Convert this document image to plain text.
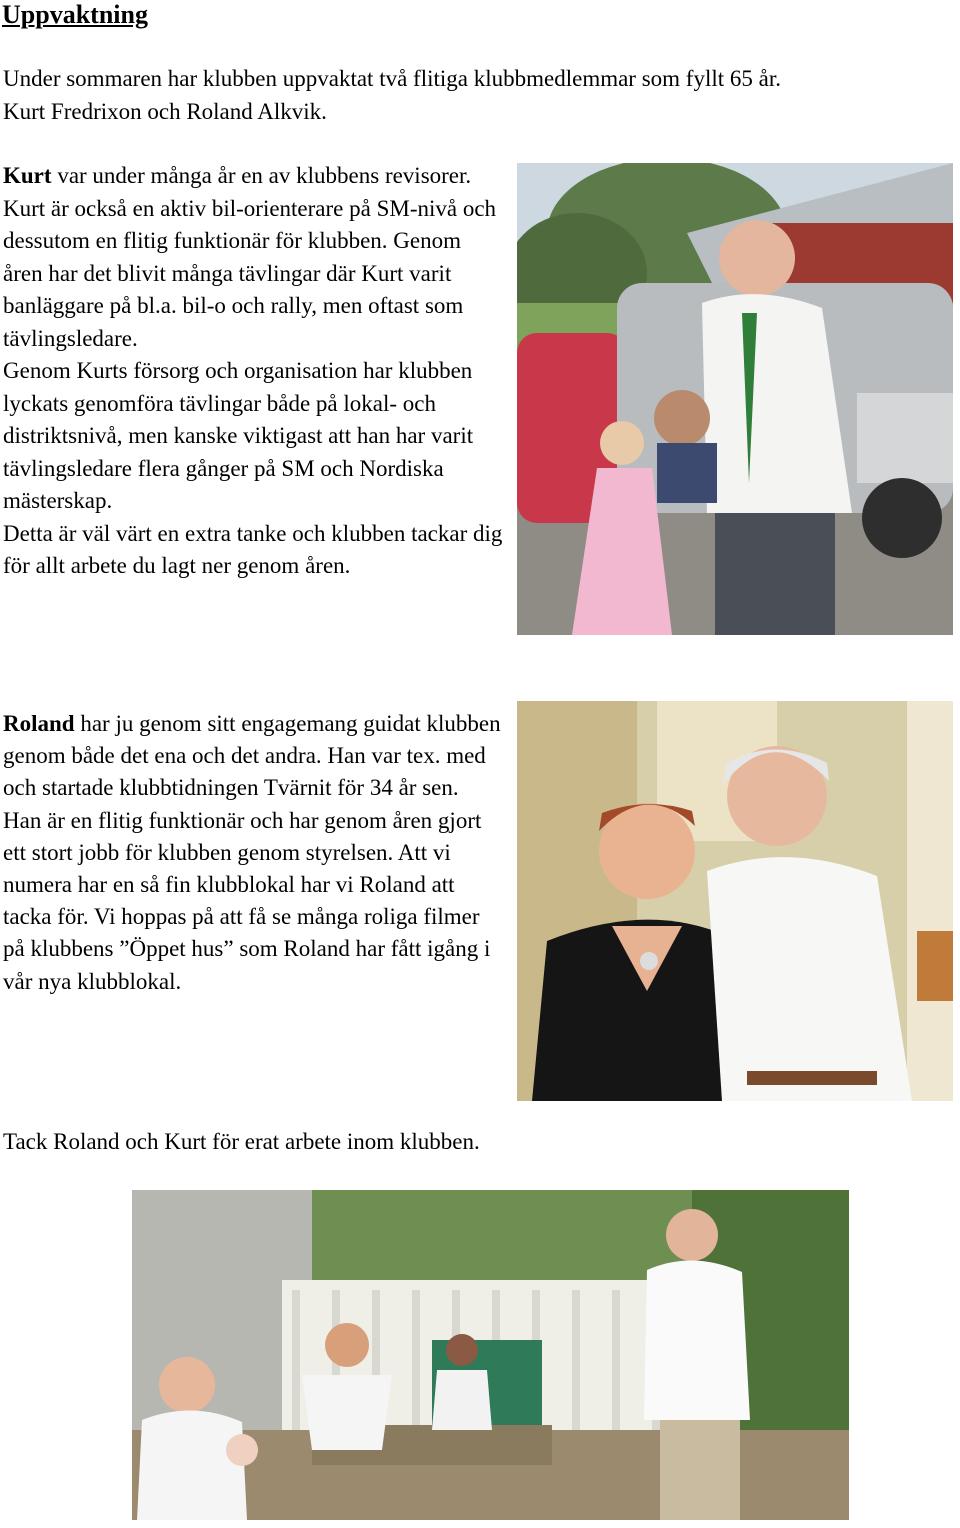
Uppvaktning

Under sommaren har klubben uppvaktat två flitiga klubbmedlemmar som fyllt 65 år.

Kurt Fredrixon och Roland Alkvik.

Kurt var under många år en av klubbens revisorer. Kurt är också en aktiv bil-orienterare på SM-nivå och dessutom en flitig funktionär för klubben. Genom åren har det blivit många tävlingar där Kurt varit banläggare på bl.a. bil-o och rally, men oftast som tävlingsledare.
Genom Kurts försorg och organisation har klubben lyckats genomföra tävlingar både på lokal- och distriktsnivå, men kanske viktigast att han har varit tävlingsledare flera gånger på SM och Nordiska mästerskap.
Detta är väl värt en extra tanke och klubben tackar dig för allt arbete du lagt ner genom åren.
Roland har ju genom sitt engagemang guidat klubben genom både det ena och det andra. Han var tex. med och startade klubbtidningen Tvärnit för 34 år sen.
Han är en flitig funktionär och har genom åren gjort ett stort jobb för klubben genom styrelsen. Att vi numera har en så fin klubblokal har vi Roland att tacka för. Vi hoppas på att få se många roliga filmer på klubbens ”Öppet hus” som Roland har fått igång i vår nya klubblokal.

Tack Roland och Kurt för erat arbete inom klubben.
